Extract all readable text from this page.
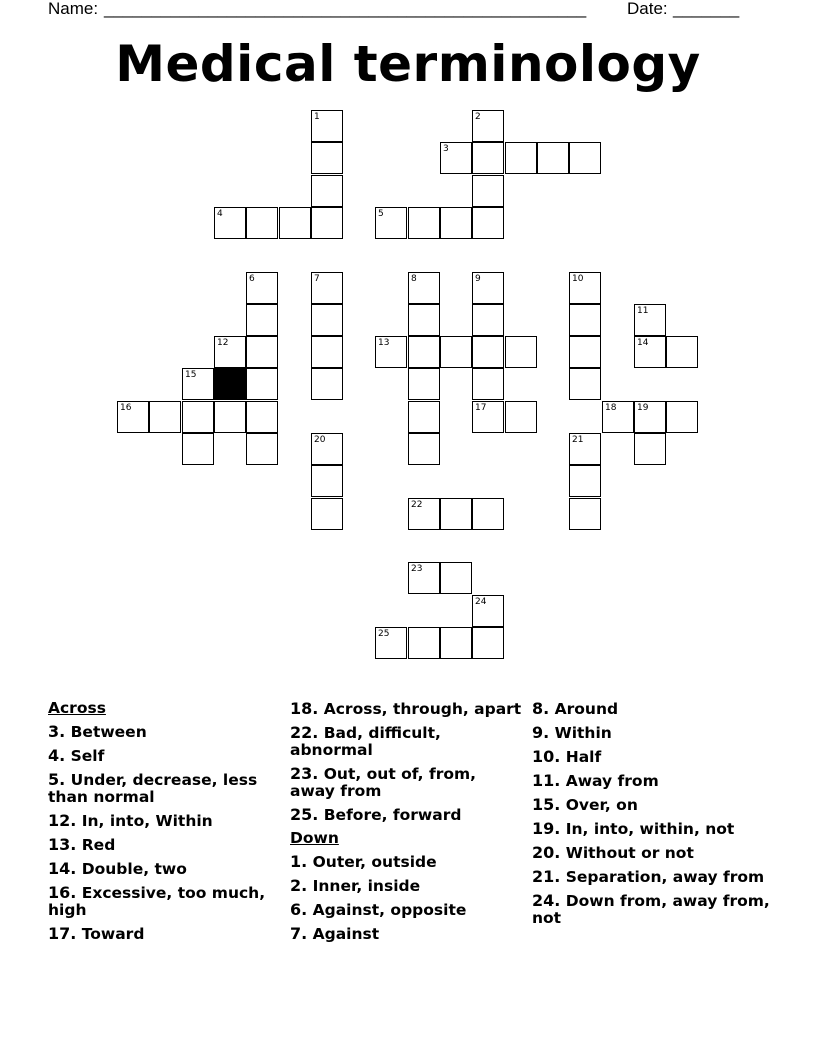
Name: ___________________________________________________ Date: _______
Medical terminology
1	2
3
4	5
6	7	8	9	10
11
14
12	13
15
16	17	18 19
20	21
22
23
24
25
Across
3. Between
4. Self
5. Under, decrease, less than normal
12. In, into, Within
13. Red
14. Double, two
16. Excessive, too much, high
17. Toward
18. Across, through, apart
22. Bad, difficult, abnormal
23. Out, out of, from, away from
25. Before, forward
Down
1. Outer, outside
2. Inner, inside
6. Against, opposite
7. Against
8. Around
9. Within
10. Half
11. Away from
15. Over, on
19. In, into, within, not
20. Without or not
21. Separation, away from
24. Down from, away from, not
